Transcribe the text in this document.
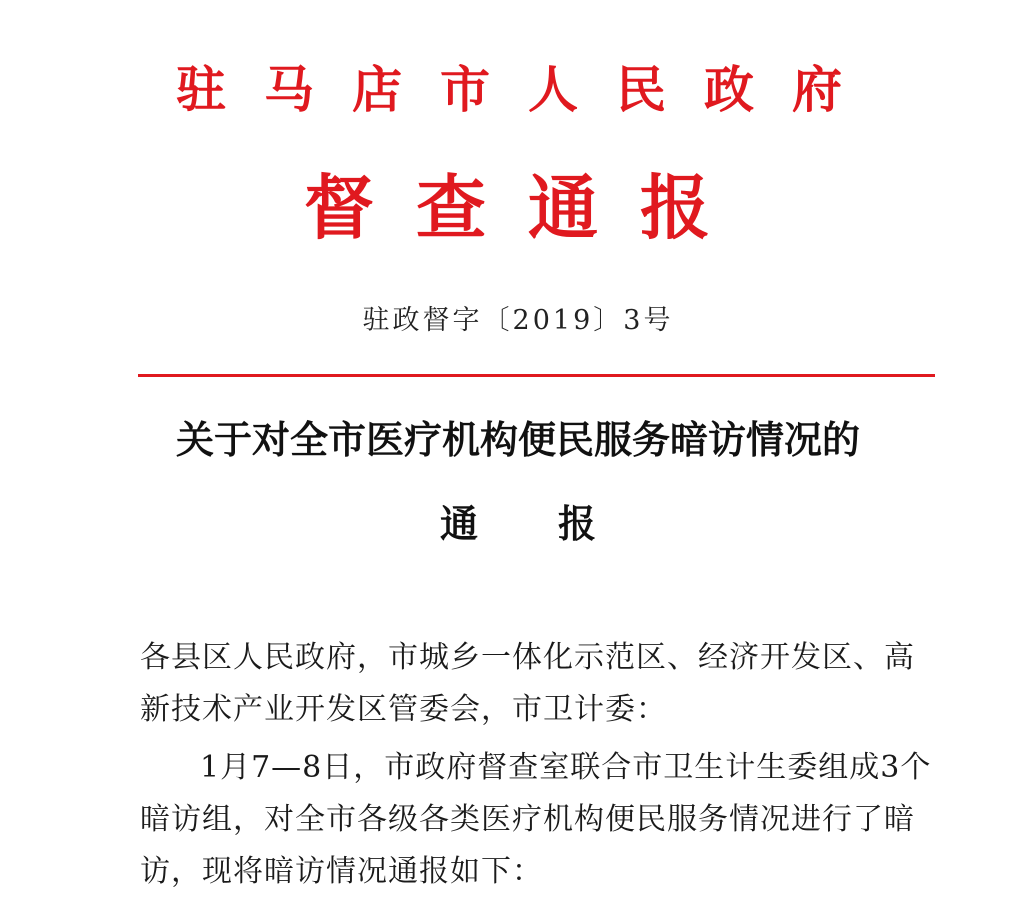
驻马店市人民政府
督查通报
驻政督字〔2019〕3号
关于对全市医疗机构便民服务暗访情况的
通 报
各县区人民政府，市城乡一体化示范区、经济开发区、高新技术产业开发区管委会，市卫计委：
1月7—8日，市政府督查室联合市卫生计生委组成3个暗访组，对全市各级各类医疗机构便民服务情况进行了暗访，现将暗访情况通报如下：
